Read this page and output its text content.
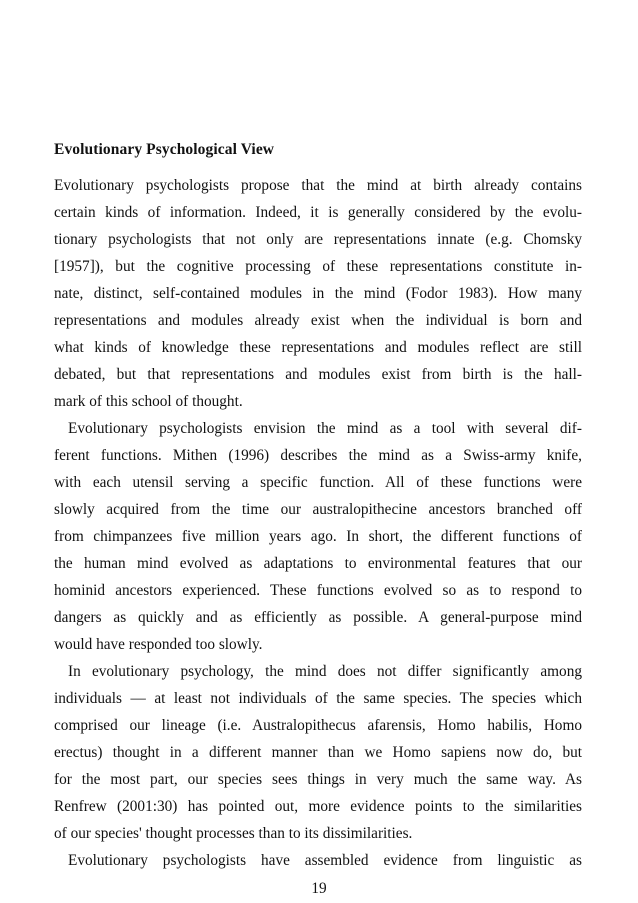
Evolutionary Psychological View
Evolutionary psychologists propose that the mind at birth already contains
certain kinds of information. Indeed, it is generally considered by the evolu-
tionary psychologists that not only are representations innate (e.g. Chomsky
[1957]), but the cognitive processing of these representations constitute in-
nate, distinct, self-contained modules in the mind (Fodor 1983). How many
representations and modules already exist when the individual is born and
what kinds of knowledge these representations and modules reflect are still
debated, but that representations and modules exist from birth is the hall-
mark of this school of thought.
Evolutionary psychologists envision the mind as a tool with several dif-
ferent functions. Mithen (1996) describes the mind as a Swiss-army knife,
with each utensil serving a specific function. All of these functions were
slowly acquired from the time our australopithecine ancestors branched off
from chimpanzees five million years ago. In short, the different functions of
the human mind evolved as adaptations to environmental features that our
hominid ancestors experienced. These functions evolved so as to respond to
dangers as quickly and as efficiently as possible. A general-purpose mind
would have responded too slowly.
In evolutionary psychology, the mind does not differ significantly among
individuals — at least not individuals of the same species. The species which
comprised our lineage (i.e. Australopithecus afarensis, Homo habilis, Homo
erectus) thought in a different manner than we Homo sapiens now do, but
for the most part, our species sees things in very much the same way. As
Renfrew (2001:30) has pointed out, more evidence points to the similarities
of our species' thought processes than to its dissimilarities.
Evolutionary psychologists have assembled evidence from linguistic as
19
